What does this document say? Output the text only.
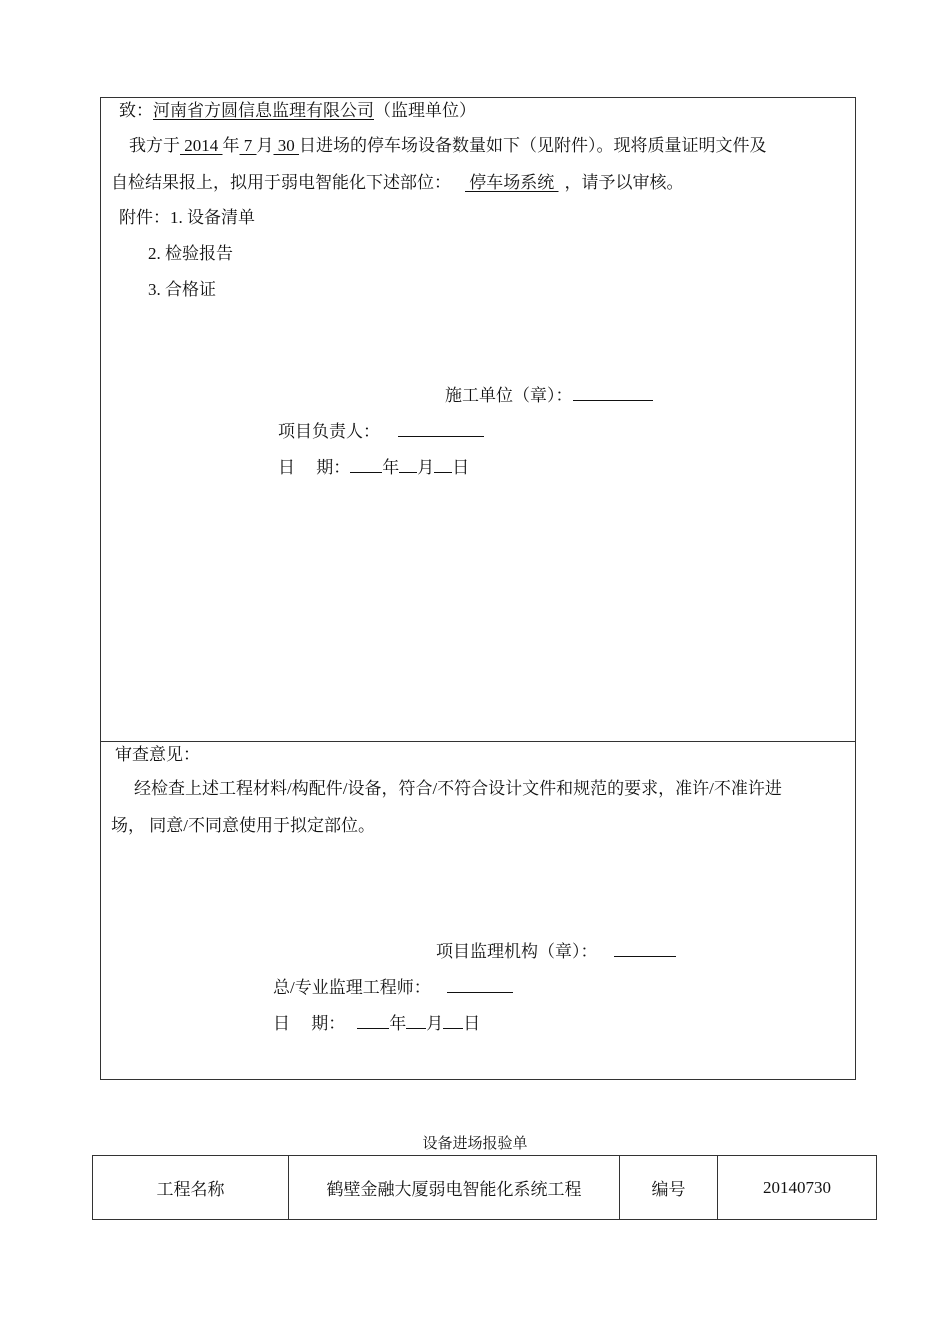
致：河南省方圆信息监理有限公司（监理单位）
我方于 2014 年 7 月 30 日进场的停车场设备数量如下（见附件）。现将质量证明文件及
自检结果报上，拟用于弱电智能化下述部位： 停车场系统 ，请予以审核。
附件：1. 设备清单
2. 检验报告
3. 合格证
施工单位（章）：
项目负责人：
日　 期： 年 月 日
审查意见：
经检查上述工程材料/构配件/设备，符合/不符合设计文件和规范的要求，准许/不准许进
场， 同意/不同意使用于拟定部位。
项目监理机构（章）：
总/专业监理工程师：
日　 期：	年 月 日
设备进场报验单
工程名称	鹤壁金融大厦弱电智能化系统工程	编号	20140730
